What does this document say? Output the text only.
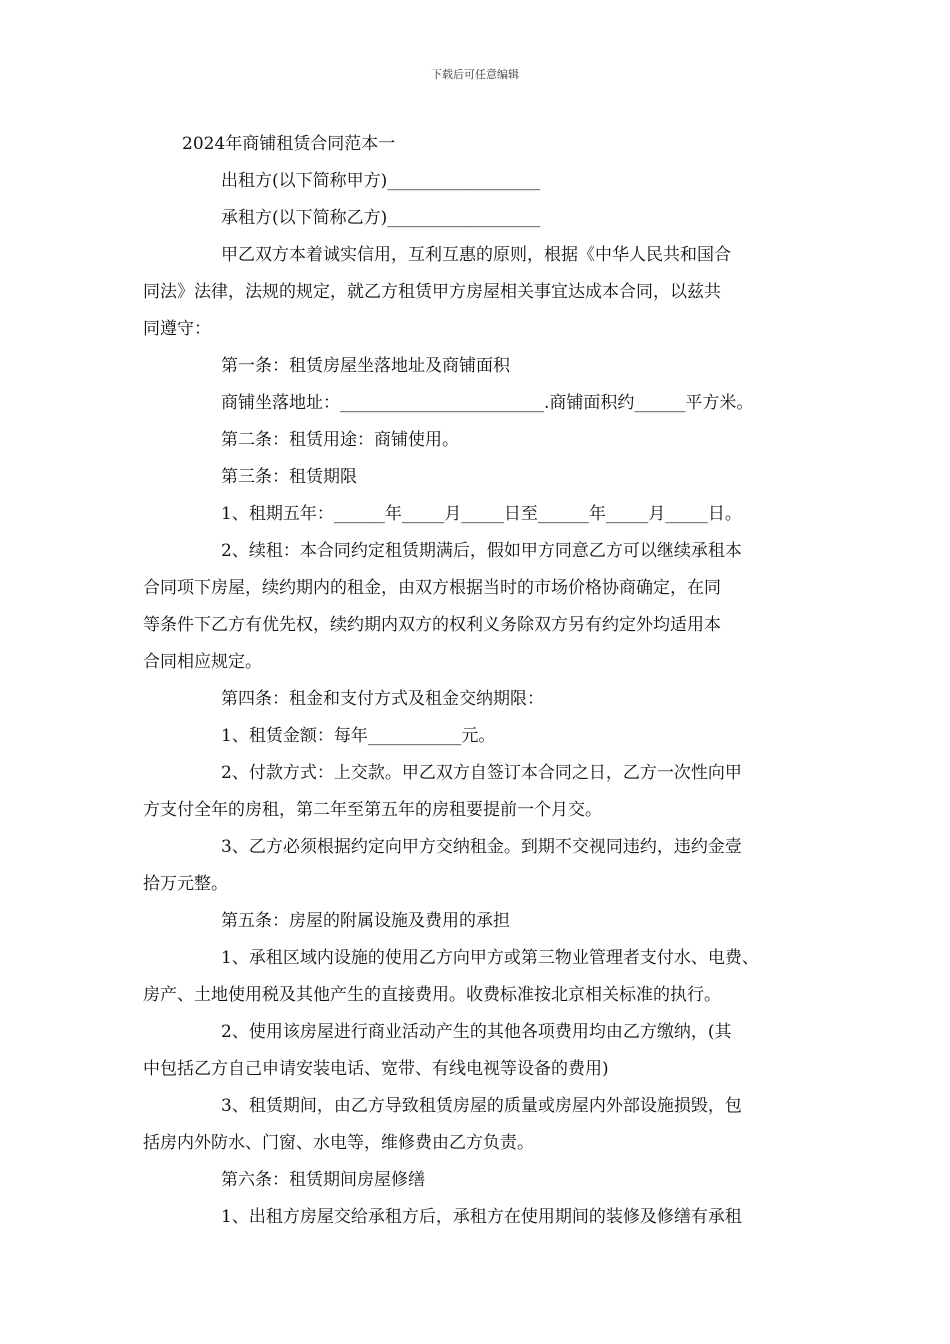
下载后可任意编辑

2024年商铺租赁合同范本一

出租方(以下简称甲方)__________________

承租方(以下简称乙方)__________________

甲乙双方本着诚实信用，互利互惠的原则，根据《中华人民共和国合

同法》法律，法规的规定，就乙方租赁甲方房屋相关事宜达成本合同，以兹共

同遵守：

第一条：租赁房屋坐落地址及商铺面积

商铺坐落地址：________________________.商铺面积约______平方米。

第二条：租赁用途：商铺使用。

第三条：租赁期限

1、租期五年：______年_____月_____日至______年_____月_____日。

2、续租：本合同约定租赁期满后，假如甲方同意乙方可以继续承租本

合同项下房屋，续约期内的租金，由双方根据当时的市场价格协商确定，在同

等条件下乙方有优先权，续约期内双方的权利义务除双方另有约定外均适用本

合同相应规定。

第四条：租金和支付方式及租金交纳期限：

1、租赁金额：每年___________元。

2、付款方式：上交款。甲乙双方自签订本合同之日，乙方一次性向甲

方支付全年的房租，第二年至第五年的房租要提前一个月交。

3、乙方必须根据约定向甲方交纳租金。到期不交视同违约，违约金壹

拾万元整。

第五条：房屋的附属设施及费用的承担

1、承租区域内设施的使用乙方向甲方或第三物业管理者支付水、电费、

房产、土地使用税及其他产生的直接费用。收费标准按北京相关标准的执行。

2、使用该房屋进行商业活动产生的其他各项费用均由乙方缴纳，(其

中包括乙方自己申请安装电话、宽带、有线电视等设备的费用)

3、租赁期间，由乙方导致租赁房屋的质量或房屋内外部设施损毁，包

括房内外防水、门窗、水电等，维修费由乙方负责。

第六条：租赁期间房屋修缮

1、出租方房屋交给承租方后，承租方在使用期间的装修及修缮有承租
